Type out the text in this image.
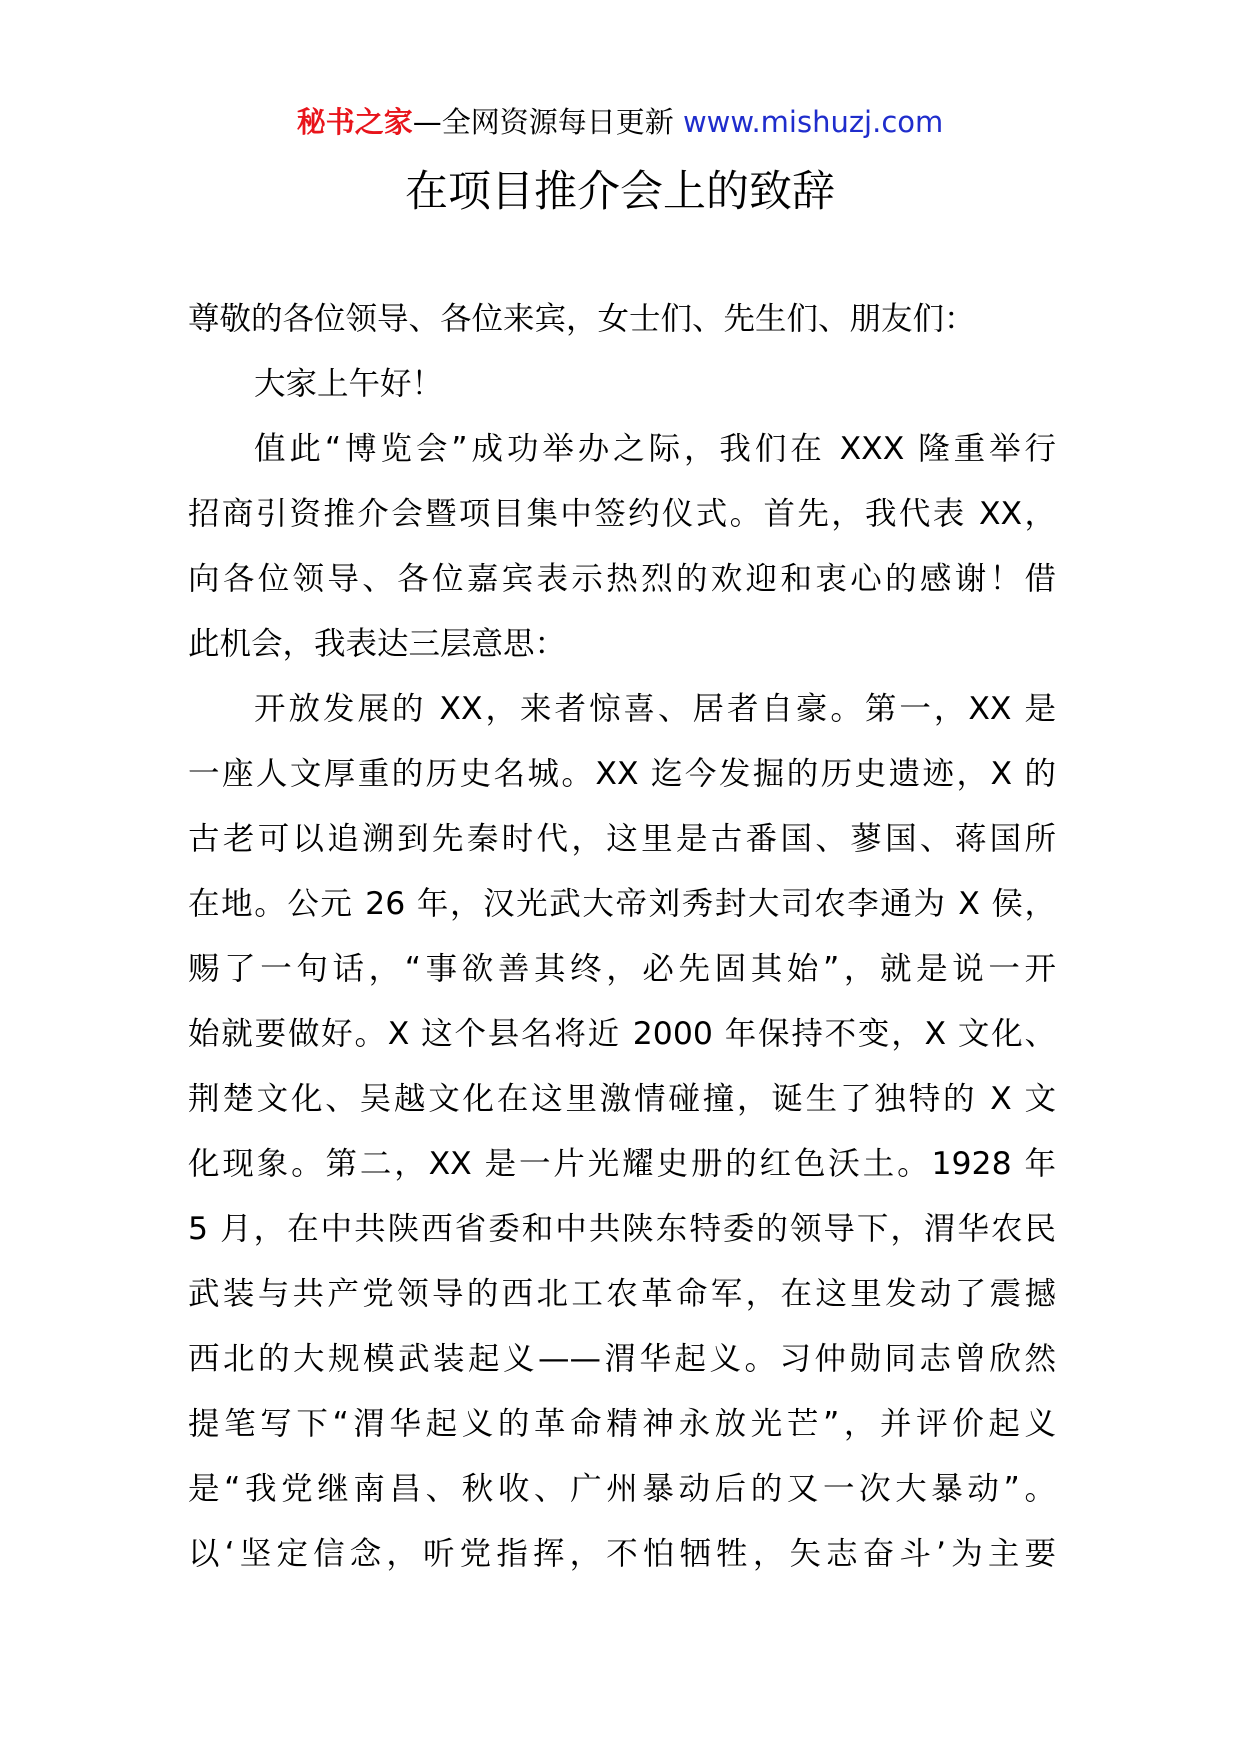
秘书之家—全网资源每日更新 www.mishuzj.com
在项目推介会上的致辞
尊敬的各位领导、各位来宾，女士们、先生们、朋友们：
大家上午好！
值此“博览会”成功举办之际，我们在 XXX 隆重举行
招商引资推介会暨项目集中签约仪式。首先，我代表 XX，
向各位领导、各位嘉宾表示热烈的欢迎和衷心的感谢！借
此机会，我表达三层意思：
开放发展的 XX，来者惊喜、居者自豪。第一，XX 是
一座人文厚重的历史名城。XX 迄今发掘的历史遗迹，X 的
古老可以追溯到先秦时代，这里是古番国、蓼国、蒋国所
在地。公元 26 年，汉光武大帝刘秀封大司农李通为 X 侯，
赐了一句话，“事欲善其终，必先固其始”，就是说一开
始就要做好。X 这个县名将近 2000 年保持不变，X 文化、
荆楚文化、吴越文化在这里激情碰撞，诞生了独特的 X 文
化现象。第二，XX 是一片光耀史册的红色沃土。1928 年
5 月，在中共陕西省委和中共陕东特委的领导下，渭华农民
武装与共产党领导的西北工农革命军，在这里发动了震撼
西北的大规模武装起义——渭华起义。习仲勋同志曾欣然
提笔写下“渭华起义的革命精神永放光芒”，并评价起义
是“我党继南昌、秋收、广州暴动后的又一次大暴动”。
以‘坚定信念，听党指挥，不怕牺牲，矢志奋斗’为主要
